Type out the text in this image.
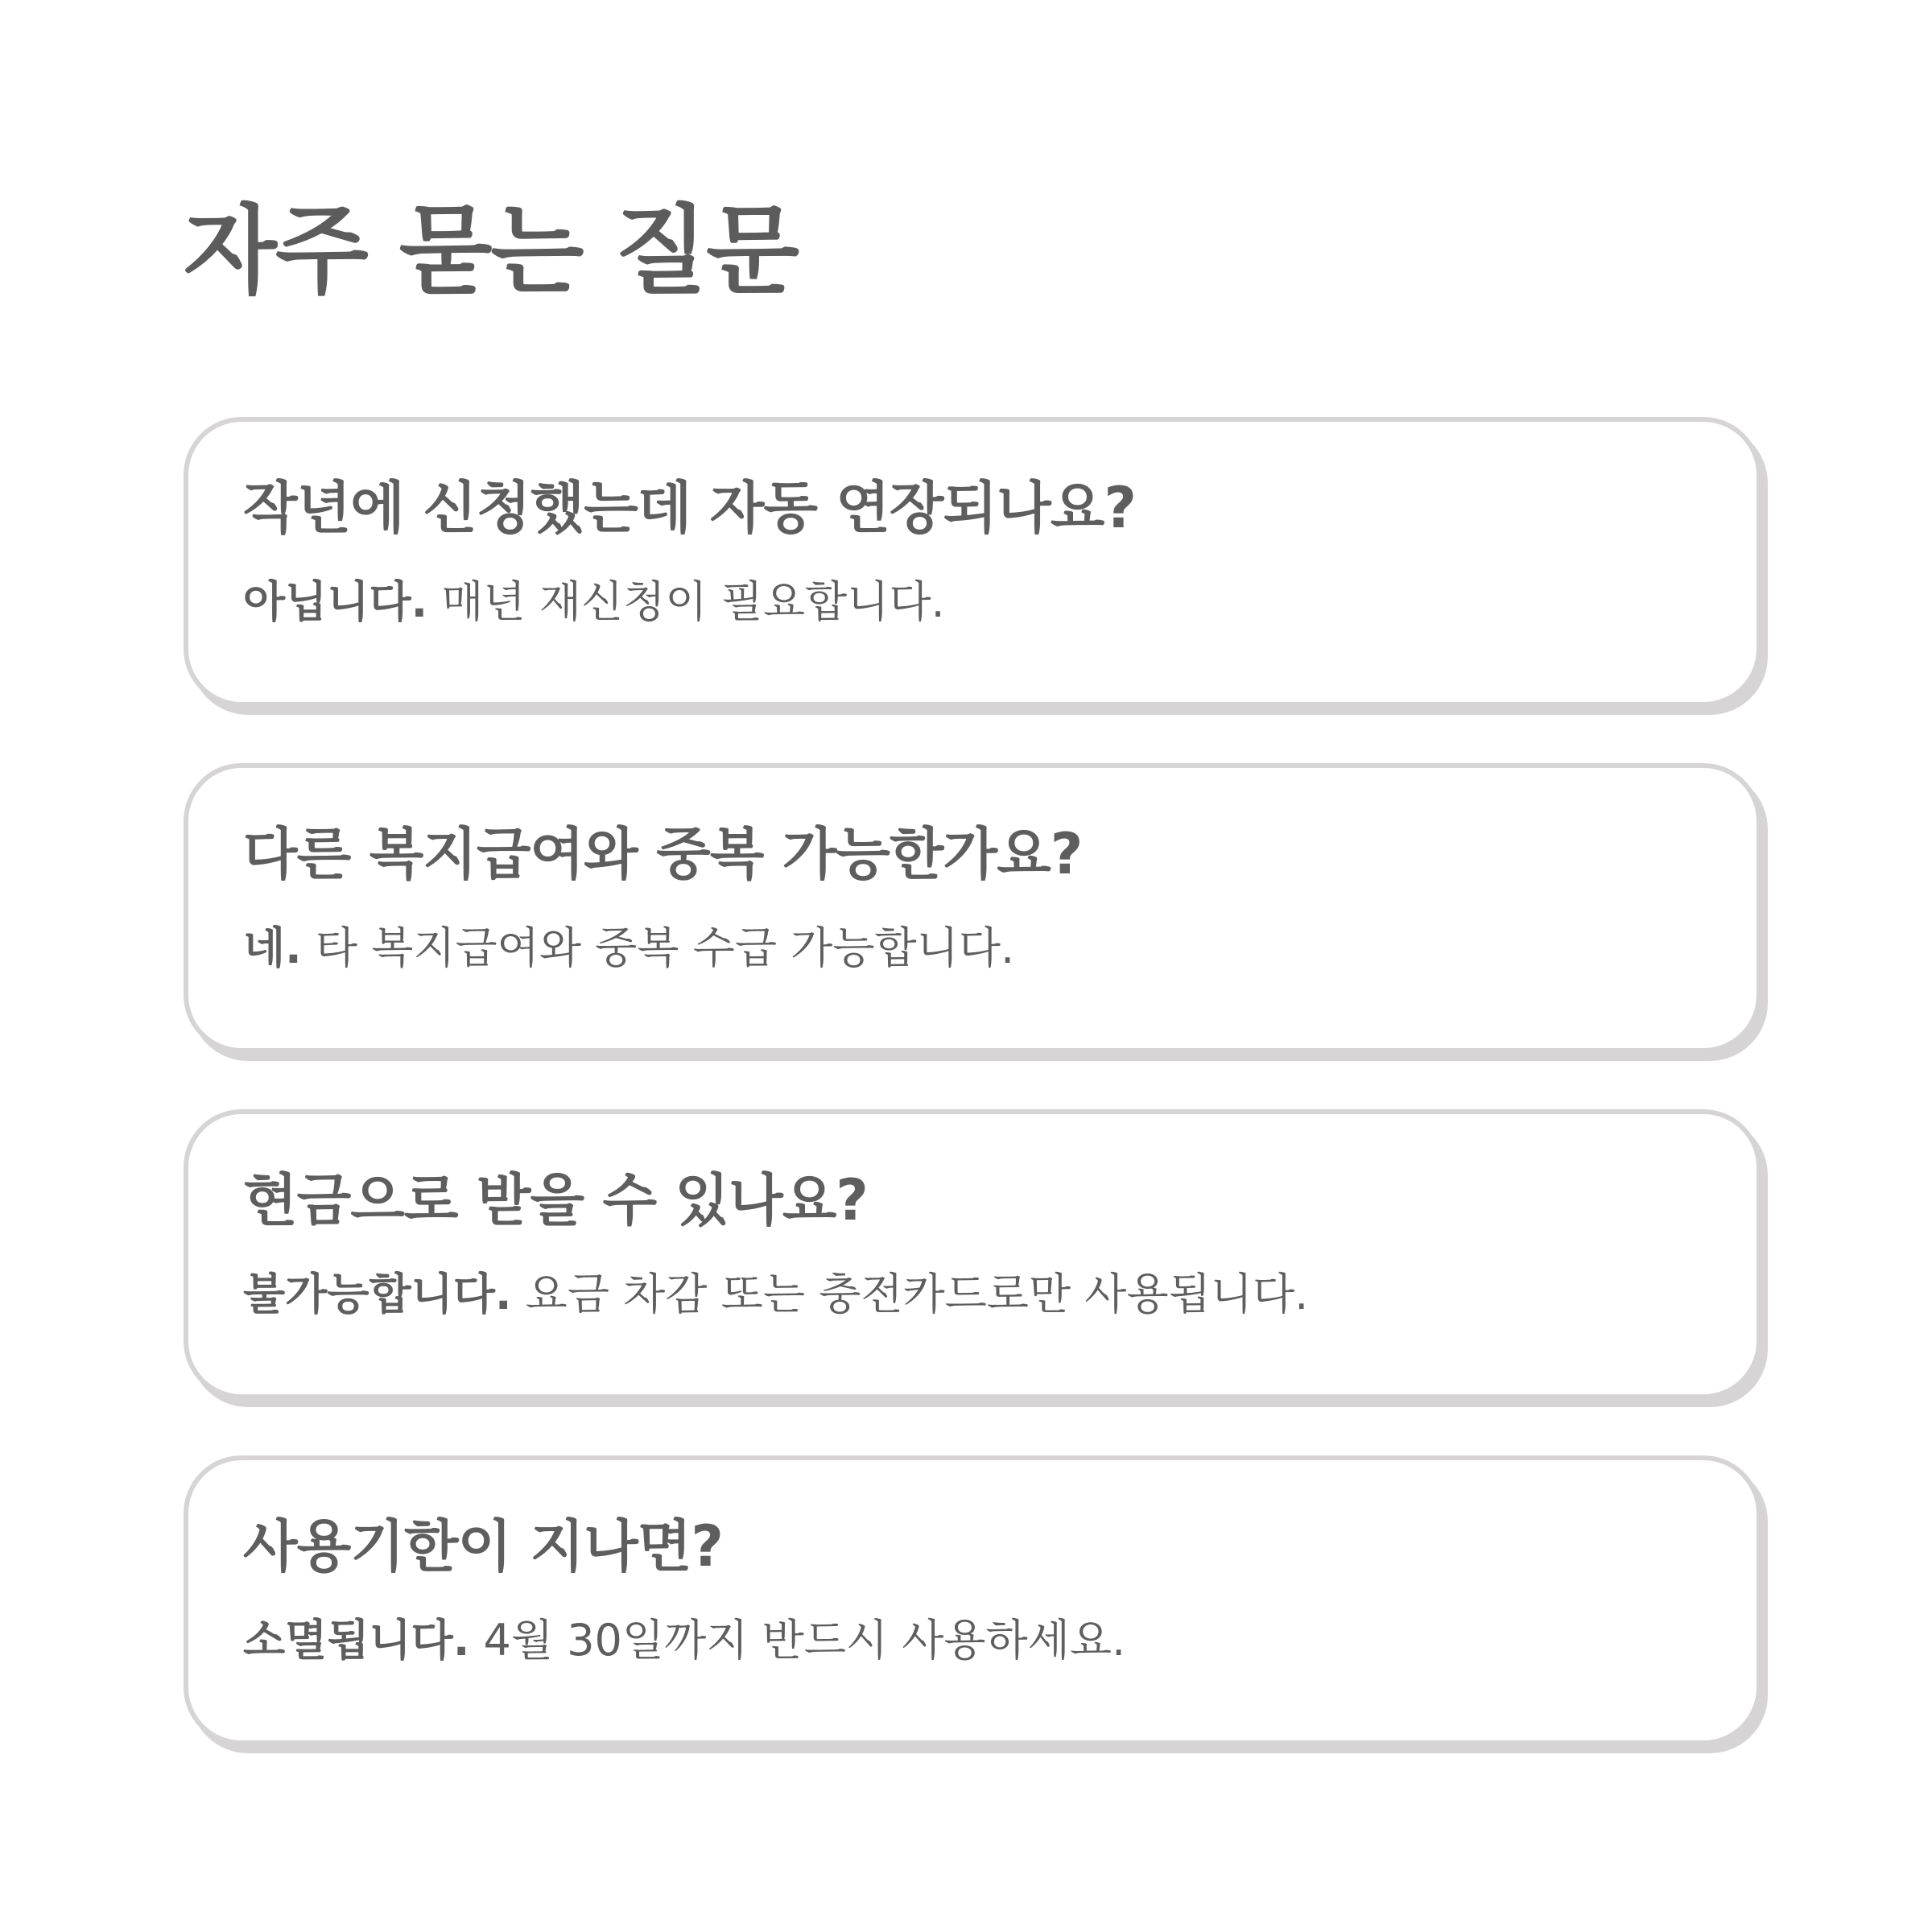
자주 묻는 질문
작년에 신청했는데 자동 연장되나요?

아닙니다. 매년 재신청이 필요합니다.

다른 복지급여와 중복 가능한가요?

네. 타 복지급여와 중복 수급 가능합니다.

현금으로 받을 수 있나요?

불가능합니다. 요금 차감 또는 충전카드로만 사용됩니다.

사용기한이 지나면?

소멸됩니다. 4월 30일까지 반드시 사용하세요.
